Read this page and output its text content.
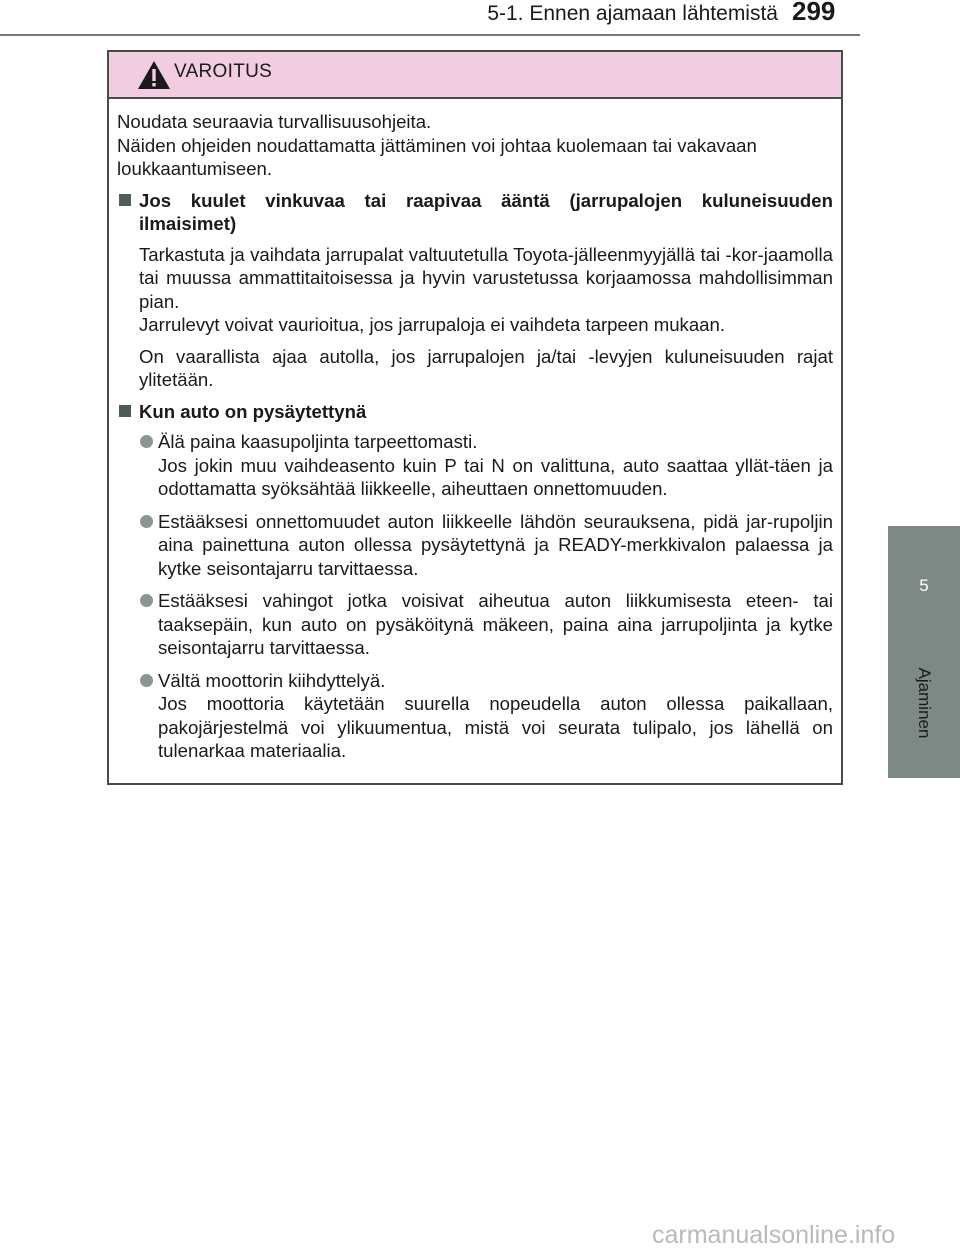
5-1. Ennen ajamaan lähtemistä 299
5
Ajaminen
VAROITUS

Noudata seuraavia turvallisuusohjeita.
Näiden ohjeiden noudattamatta jättäminen voi johtaa kuolemaan tai vakavaan loukkaantumiseen.

Jos kuulet vinkuvaa tai raapivaa ääntä (jarrupalojen kuluneisuuden ilmaisimet)

Tarkastuta ja vaihdata jarrupalat valtuutetulla Toyota-jälleenmyyjällä tai -kor-jaamolla tai muussa ammattitaitoisessa ja hyvin varustetussa korjaamossa mahdollisimman pian.
Jarrulevyt voivat vaurioitua, jos jarrupaloja ei vaihdeta tarpeen mukaan.

On vaarallista ajaa autolla, jos jarrupalojen ja/tai -levyjen kuluneisuuden rajat ylitetään.

Kun auto on pysäytettynä
Älä paina kaasupoljinta tarpeettomasti.
Jos jokin muu vaihdeasento kuin P tai N on valittuna, auto saattaa yllät-täen ja odottamatta syöksähtää liikkeelle, aiheuttaen onnettomuuden.
Estääksesi onnettomuudet auton liikkeelle lähdön seurauksena, pidä jar-rupoljin aina painettuna auton ollessa pysäytettynä ja READY-merkkivalon palaessa ja kytke seisontajarru tarvittaessa.
Estääksesi vahingot jotka voisivat aiheutua auton liikkumisesta eteen- tai taaksepäin, kun auto on pysäköitynä mäkeen, paina aina jarrupoljinta ja kytke seisontajarru tarvittaessa.
Vältä moottorin kiihdyttelyä.
Jos moottoria käytetään suurella nopeudella auton ollessa paikallaan, pakojärjestelmä voi ylikuumentua, mistä voi seurata tulipalo, jos lähellä on tulenarkaa materiaalia.
carmanualsonline.info
